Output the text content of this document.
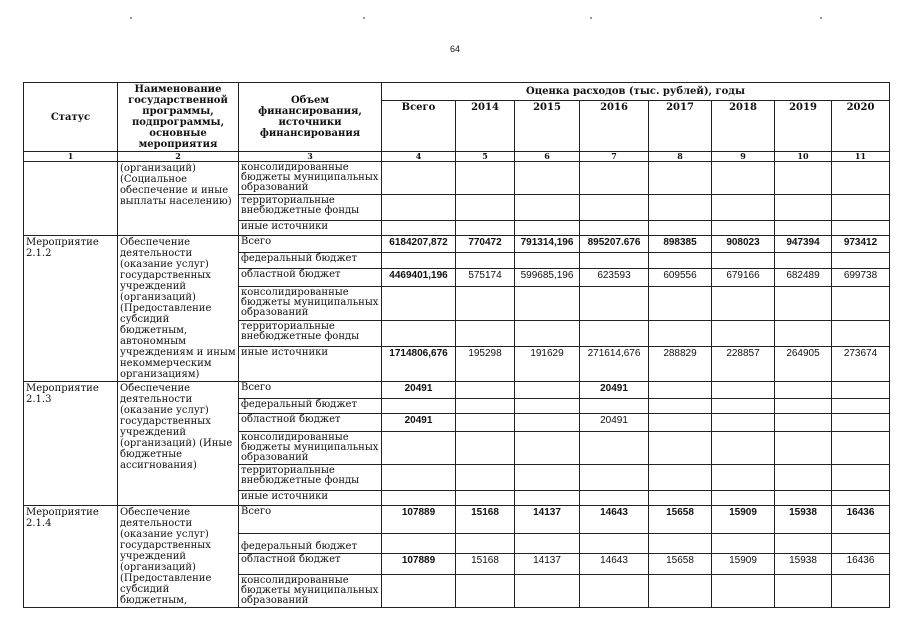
64
Статус	Наименование государственной программы, подпрограммы, основные мероприятия	Объем финансирования, источники финансирования	Оценка расходов (тыс. рублей), годы							
			Всего	2014	2015	2016	2017	2018	2019	2020
1	2	3	4	5	6	7	8	9	10	11
	(организаций) (Социальное обеспечение и иные выплаты населению)	консолидированные бюджеты муниципальных образований								
		территориальные внебюджетные фонды								
		иные источники								
Мероприятие 2.1.2	Обеспечение деятельности (оказание услуг) государственных учреждений (организаций) (Предоставление субсидий бюджетным, автономным учреждениям и иным некоммерческим организациям)	Всего	6184207,872	770472	791314,196	895207.676	898385	908023	947394	973412
		федеральный бюджет								
		областной бюджет	4469401,196	575174	599685,196	623593	609556	679166	682489	699738
		консолидированные бюджеты муниципальных образований								
		территориальные внебюджетные фонды								
		иные источники	1714806,676	195298	191629	271614,676	288829	228857	264905	273674
Мероприятие 2.1.3	Обеспечение деятельности (оказание услуг) государственных учреждений (организаций) (Иные бюджетные ассигнования)	Всего	20491			20491				
		федеральный бюджет								
		областной бюджет	20491			20491				
		консолидированные бюджеты муниципальных образований								
		территориальные внебюджетные фонды								
		иные источники								
Мероприятие 2.1.4	Обеспечение деятельности (оказание услуг) государственных учреждений (организаций) (Предоставление субсидий бюджетным,	Всего	107889	15168	14137	14643	15658	15909	15938	16436
		федеральный бюджет								
		областной бюджет	107889	15168	14137	14643	15658	15909	15938	16436
		консолидированные бюджеты муниципальных образований								
